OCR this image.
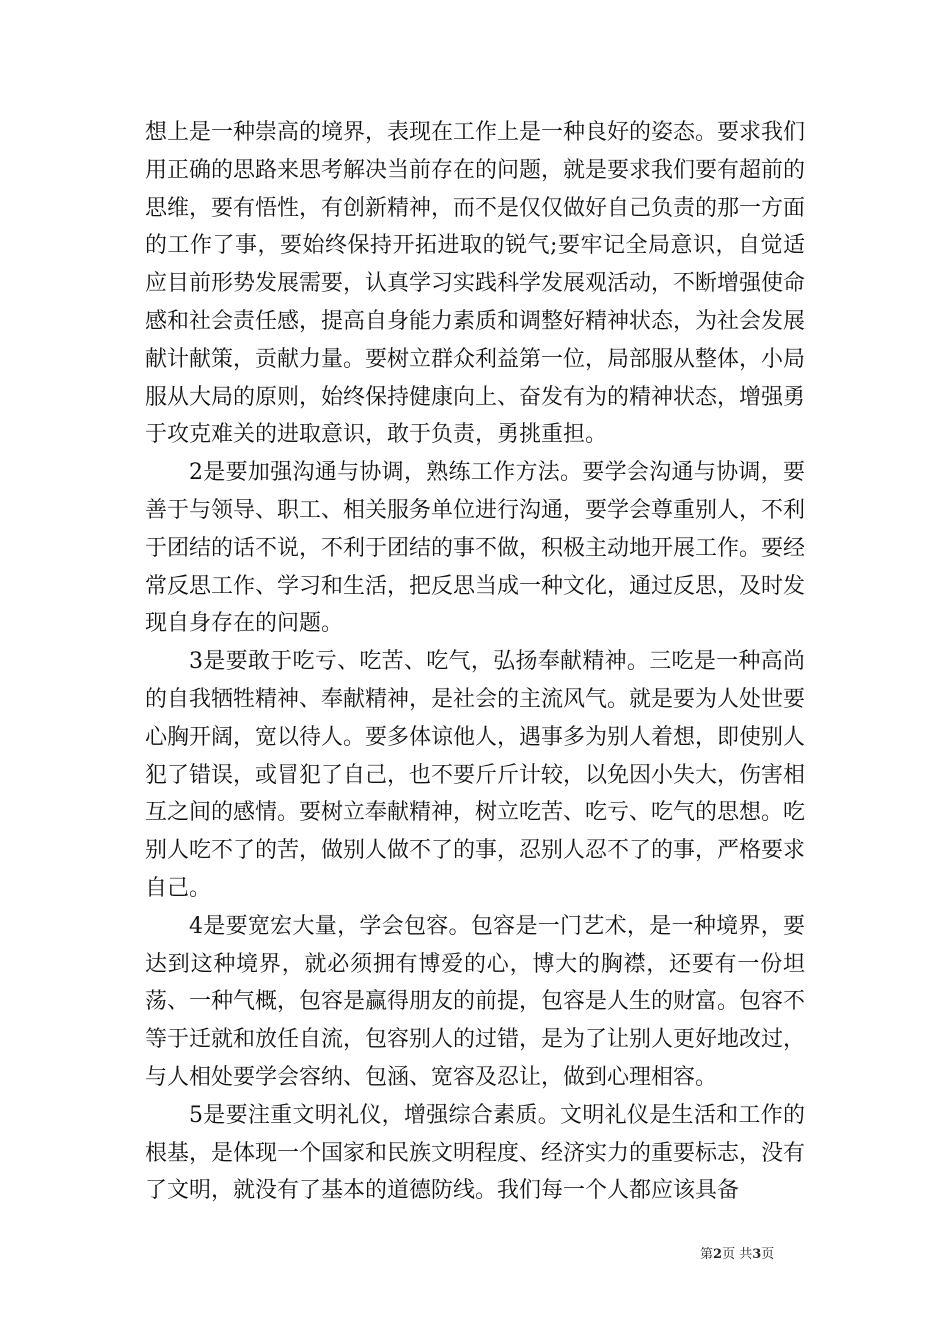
想上是一种崇高的境界，表现在工作上是一种良好的姿态。要求我们用正确的思路来思考解决当前存在的问题，就是要求我们要有超前的思维，要有悟性，有创新精神，而不是仅仅做好自己负责的那一方面的工作了事，要始终保持开拓进取的锐气;要牢记全局意识，自觉适应目前形势发展需要，认真学习实践科学发展观活动，不断增强使命感和社会责任感，提高自身能力素质和调整好精神状态，为社会发展献计献策，贡献力量。要树立群众利益第一位，局部服从整体，小局服从大局的原则，始终保持健康向上、奋发有为的精神状态，增强勇于攻克难关的进取意识，敢于负责，勇挑重担。

2是要加强沟通与协调，熟练工作方法。要学会沟通与协调，要善于与领导、职工、相关服务单位进行沟通，要学会尊重别人，不利于团结的话不说，不利于团结的事不做，积极主动地开展工作。要经常反思工作、学习和生活，把反思当成一种文化，通过反思，及时发现自身存在的问题。

3是要敢于吃亏、吃苦、吃气，弘扬奉献精神。三吃是一种高尚的自我牺牲精神、奉献精神，是社会的主流风气。就是要为人处世要心胸开阔，宽以待人。要多体谅他人，遇事多为别人着想，即使别人犯了错误，或冒犯了自己，也不要斤斤计较，以免因小失大，伤害相互之间的感情。要树立奉献精神，树立吃苦、吃亏、吃气的思想。吃别人吃不了的苦，做别人做不了的事，忍别人忍不了的事，严格要求自己。

4是要宽宏大量，学会包容。包容是一门艺术，是一种境界，要达到这种境界，就必须拥有博爱的心，博大的胸襟，还要有一份坦荡、一种气概，包容是赢得朋友的前提，包容是人生的财富。包容不等于迁就和放任自流，包容别人的过错，是为了让别人更好地改过，与人相处要学会容纳、包涵、宽容及忍让，做到心理相容。

5是要注重文明礼仪，增强综合素质。文明礼仪是生活和工作的根基，是体现一个国家和民族文明程度、经济实力的重要标志，没有了文明，就没有了基本的道德防线。我们每一个人都应该具备

第2页 共3页
